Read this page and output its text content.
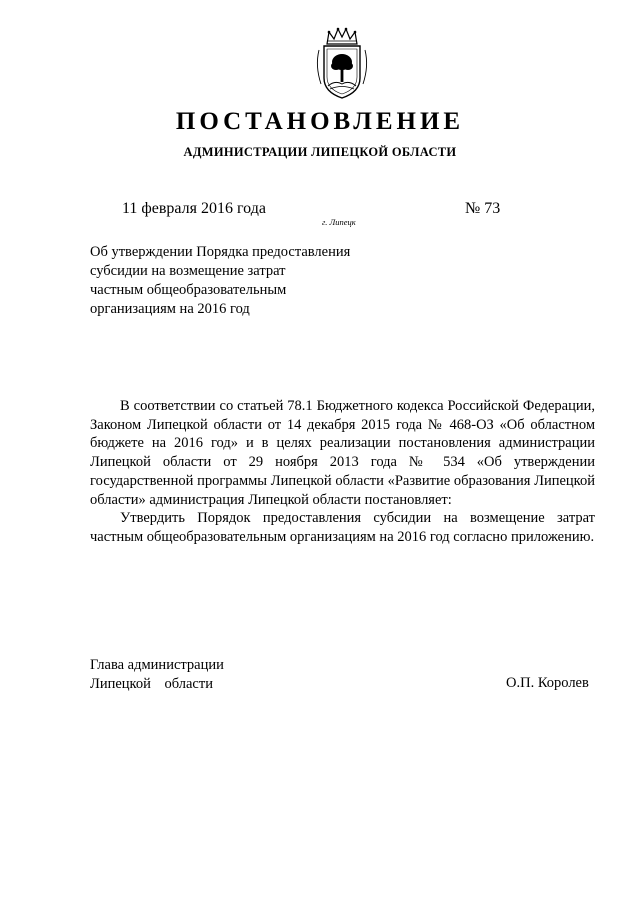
ПОСТАНОВЛЕНИЕ
АДМИНИСТРАЦИИ ЛИПЕЦКОЙ ОБЛАСТИ
11 февраля 2016 года
г. Липецк
№ 73
Об утверждении Порядка предоставления
субсидии на возмещение затрат
частным общеобразовательным
организациям на 2016 год

В соответствии со статьей 78.1 Бюджетного кодекса Российской Федерации, Законом Липецкой области от 14 декабря 2015 года № 468-ОЗ «Об областном бюджете на 2016 год» и в целях реализации постановления администрации Липецкой области от 29 ноября 2013 года № 534 «Об утверждении государственной программы Липецкой области «Развитие образования Липецкой области» администрация Липецкой области постановляет:

Утвердить Порядок предоставления субсидии на возмещение затрат частным общеобразовательным организациям на 2016 год согласно приложению.

Глава администрации
Липецкой области	О.П. Королев
